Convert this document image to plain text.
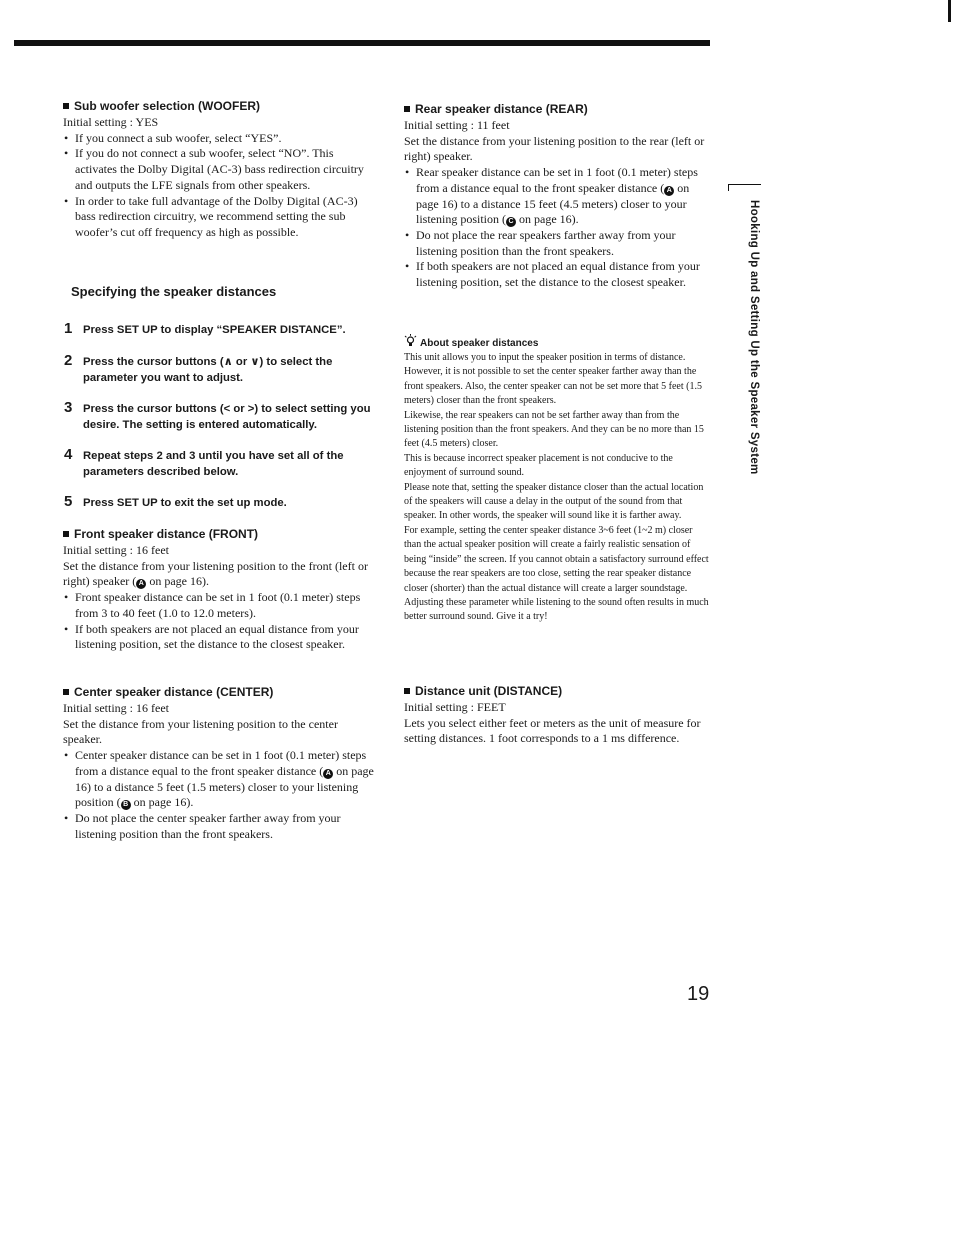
Sub woofer selection (WOOFER)

Initial setting : YES

• If you connect a sub woofer, select “YES”.
• If you do not connect a sub woofer, select “NO”. This activates the Dolby Digital (AC-3) bass redirection circuitry and outputs the LFE signals from other speakers.
• In order to take full advantage of the Dolby Digital (AC-3) bass redirection circuitry, we recommend setting the sub woofer’s cut off frequency as high as possible.
Specifying the speaker distances
1 Press SET UP to display “SPEAKER DISTANCE”.
2 Press the cursor buttons (∧ or ∨) to select the parameter you want to adjust.
3 Press the cursor buttons (< or >) to select setting you desire. The setting is entered automatically.
4 Repeat steps 2 and 3 until you have set all of the parameters described below.
5 Press SET UP to exit the set up mode.

Front speaker distance (FRONT)

Initial setting : 16 feet

Set the distance from your listening position to the front (left or right) speaker ( A on page 16).

• Front speaker distance can be set in 1 foot (0.1 meter) steps from 3 to 40 feet (1.0 to 12.0 meters).
• If both speakers are not placed an equal distance from your listening position, set the distance to the closest speaker.

Center speaker distance (CENTER)

Initial setting : 16 feet

Set the distance from your listening position to the center speaker.

• Center speaker distance can be set in 1 foot (0.1 meter) steps from a distance equal to the front speaker distance ( A on page 16) to a distance 5 feet (1.5 meters) closer to your listening position ( B on page 16).
• Do not place the center speaker farther away from your listening position than the front speakers.

Rear speaker distance (REAR)

Initial setting : 11 feet

Set the distance from your listening position to the rear (left or right) speaker.

• Rear speaker distance can be set in 1 foot (0.1 meter) steps from a distance equal to the front speaker distance ( A on page 16) to a distance 15 feet (4.5 meters) closer to your listening position ( C on page 16).
• Do not place the rear speakers farther away from your listening position than the front speakers.
• If both speakers are not placed an equal distance from your listening position, set the distance to the closest speaker.

About speaker distances

This unit allows you to input the speaker position in terms of distance. However, it is not possible to set the center speaker farther away than the front speakers. Also, the center speaker can not be set more that 5 feet (1.5 meters) closer than the front speakers.

Likewise, the rear speakers can not be set farther away than from the listening position than the front speakers. And they can be no more than 15 feet (4.5 meters) closer.

This is because incorrect speaker placement is not conducive to the enjoyment of surround sound.

Please note that, setting the speaker distance closer than the actual location of the speakers will cause a delay in the output of the sound from that speaker. In other words, the speaker will sound like it is farther away.

For example, setting the center speaker distance 3~6 feet (1~2 m) closer than the actual speaker position will create a fairly realistic sensation of being “inside” the screen. If you cannot obtain a satisfactory surround effect because the rear speakers are too close, setting the rear speaker distance closer (shorter) than the actual distance will create a larger soundstage.

Adjusting these parameter while listening to the sound often results in much better surround sound. Give it a try!

Distance unit (DISTANCE)

Initial setting : FEET

Lets you select either feet or meters as the unit of measure for setting distances. 1 foot corresponds to a 1 ms difference.

Hooking Up and Setting Up the Speaker System
19
